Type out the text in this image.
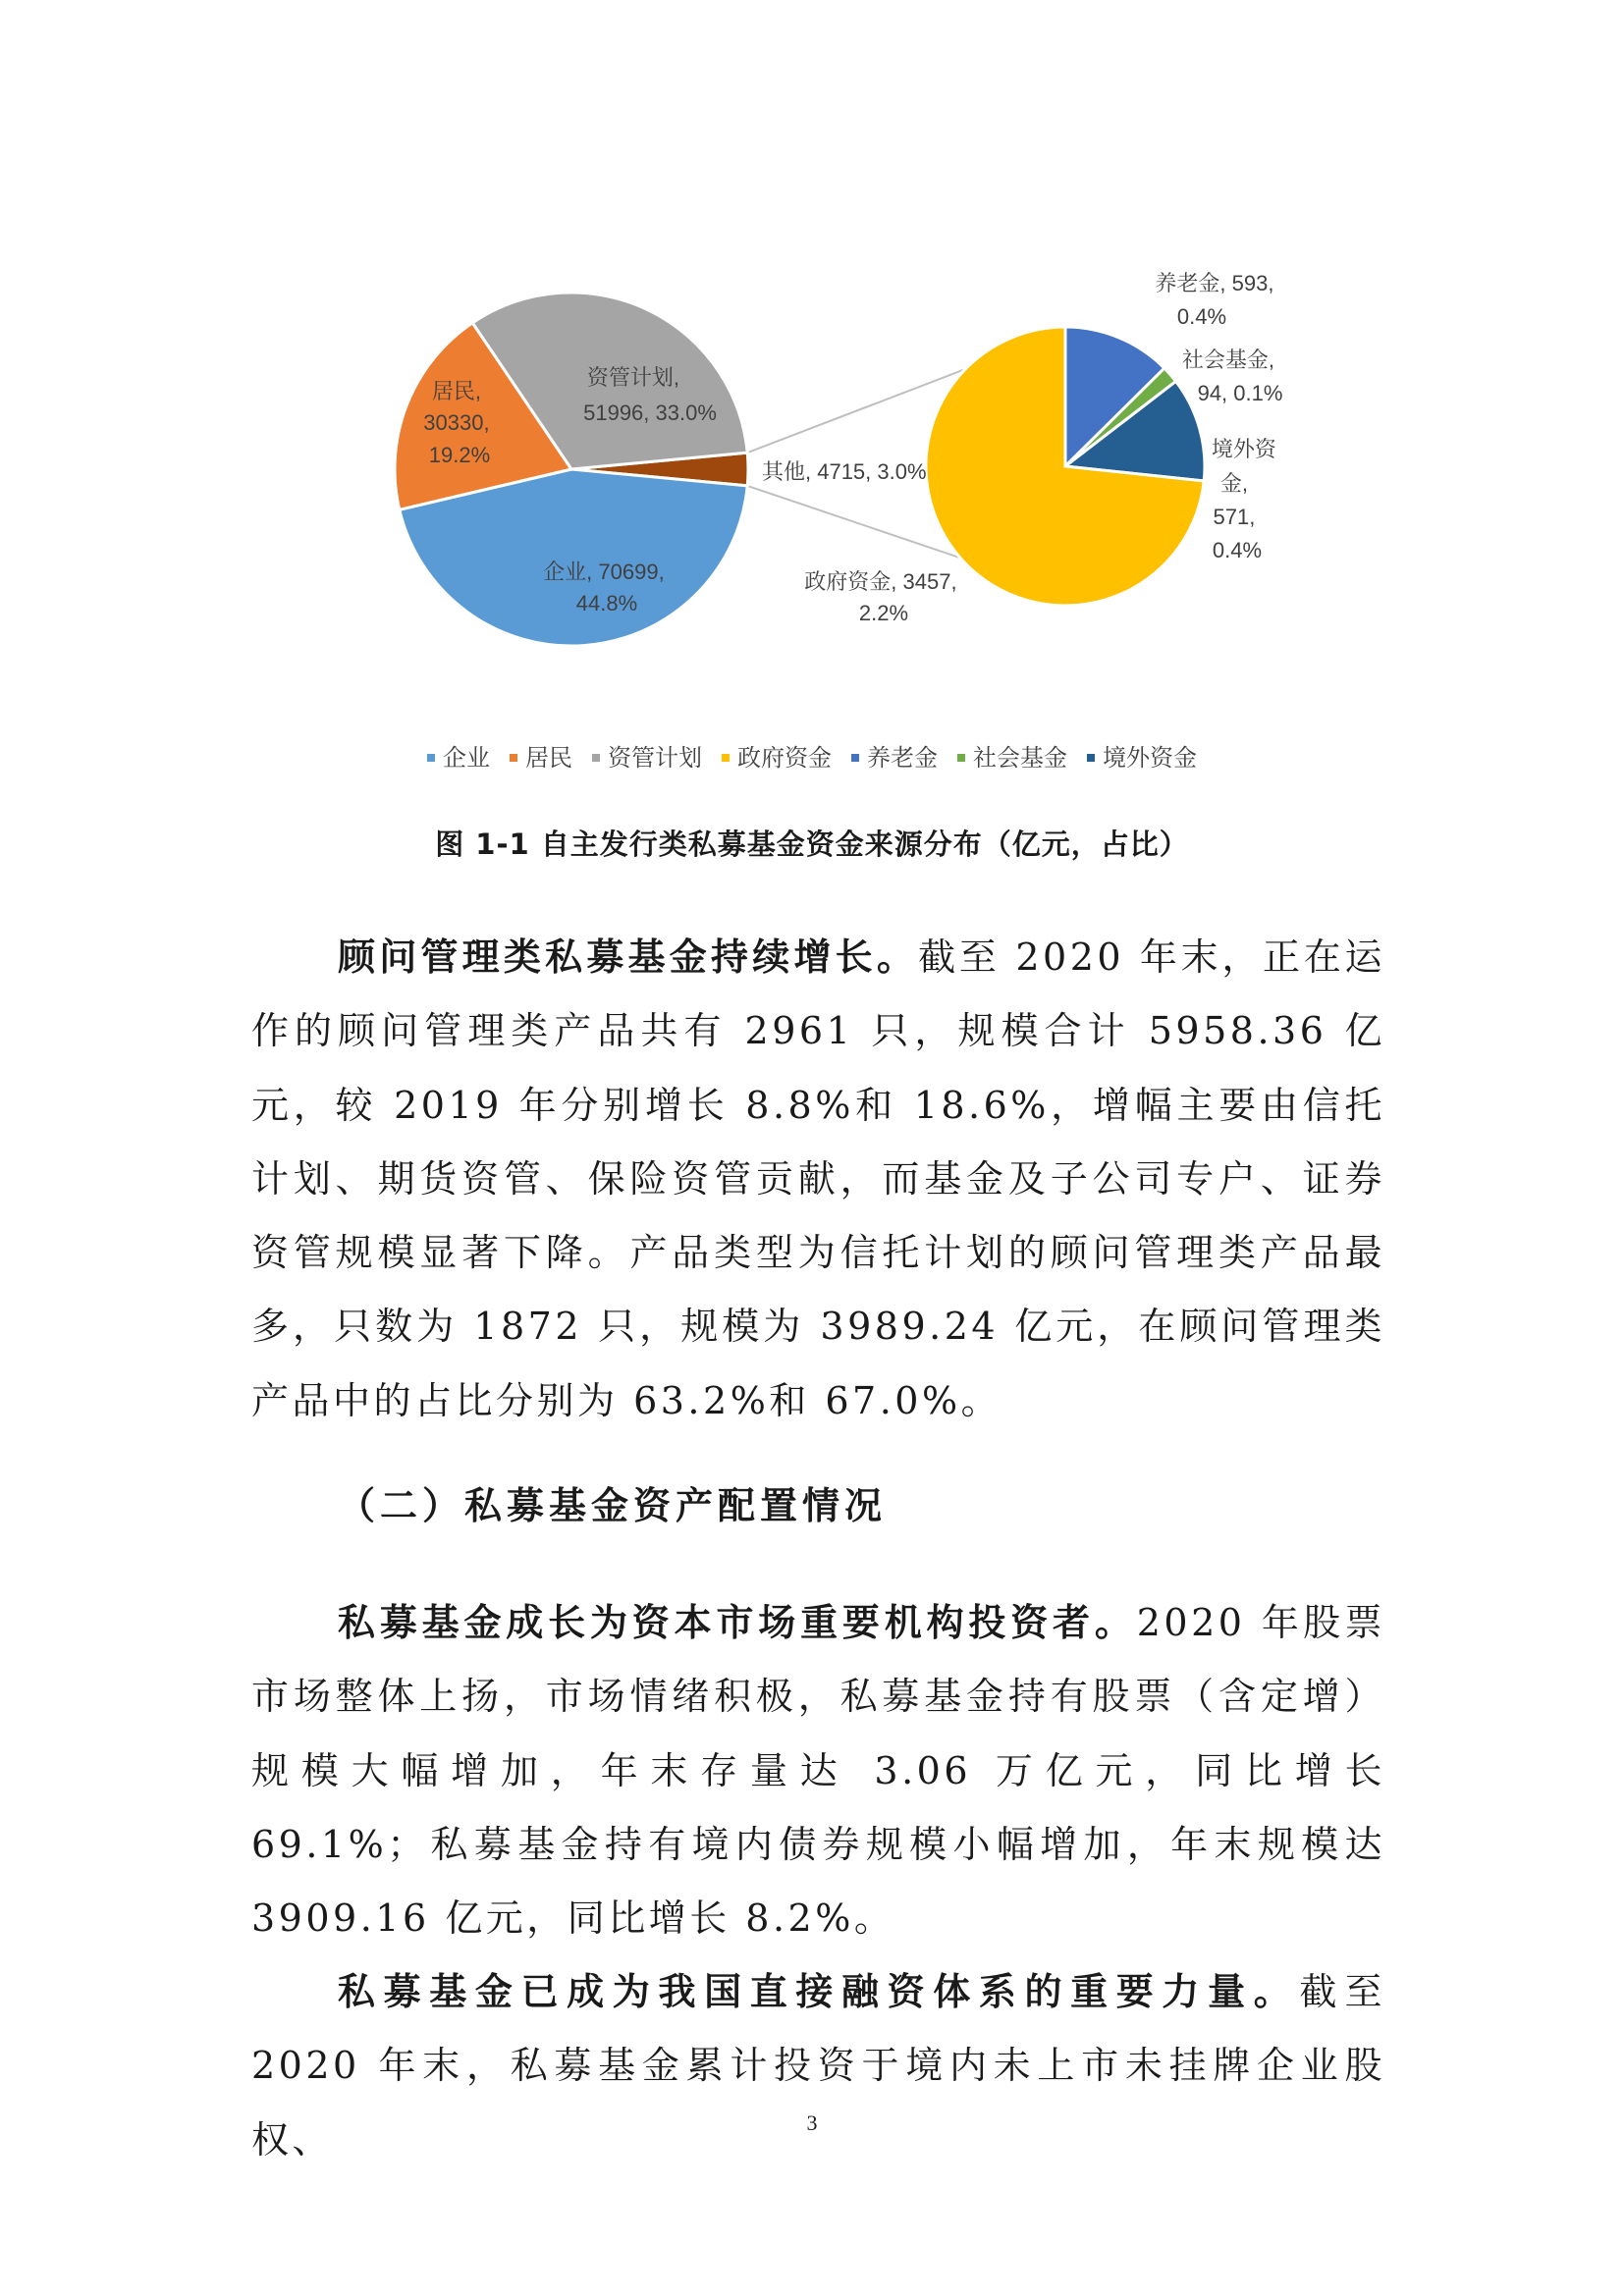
企业, 70699, 44.8%
居民, 30330, 19.2%
资管计划, 51996, 33.0%
其他, 4715, 3.0%
政府资金, 3457, 2.2%
养老金, 593, 0.4%
社会基金, 94, 0.1%
境外资 金, 571, 0.4%
企业 居民 资管计划 政府资金 养老金 社会基金 境外资金
图 1-1 自主发行类私募基金资金来源分布（亿元，占比）
顾问管理类私募基金持续增长。截至 2020 年末，正在运作的顾问管理类产品共有 2961 只，规模合计 5958.36 亿元，较 2019 年分别增长 8.8%和 18.6%，增幅主要由信托计划、期货资管、保险资管贡献，而基金及子公司专户、证券资管规模显著下降。产品类型为信托计划的顾问管理类产品最多，只数为 1872 只，规模为 3989.24 亿元，在顾问管理类产品中的占比分别为 63.2%和 67.0%。
（二）私募基金资产配置情况
私募基金成长为资本市场重要机构投资者。2020 年股票市场整体上扬，市场情绪积极，私募基金持有股票（含定增）规模大幅增加，年末存量达 3.06 万亿元，同比增长 69.1%；私募基金持有境内债券规模小幅增加，年末规模达 3909.16 亿元，同比增长 8.2%。
私募基金已成为我国直接融资体系的重要力量。截至 2020 年末，私募基金累计投资于境内未上市未挂牌企业股权、	3
